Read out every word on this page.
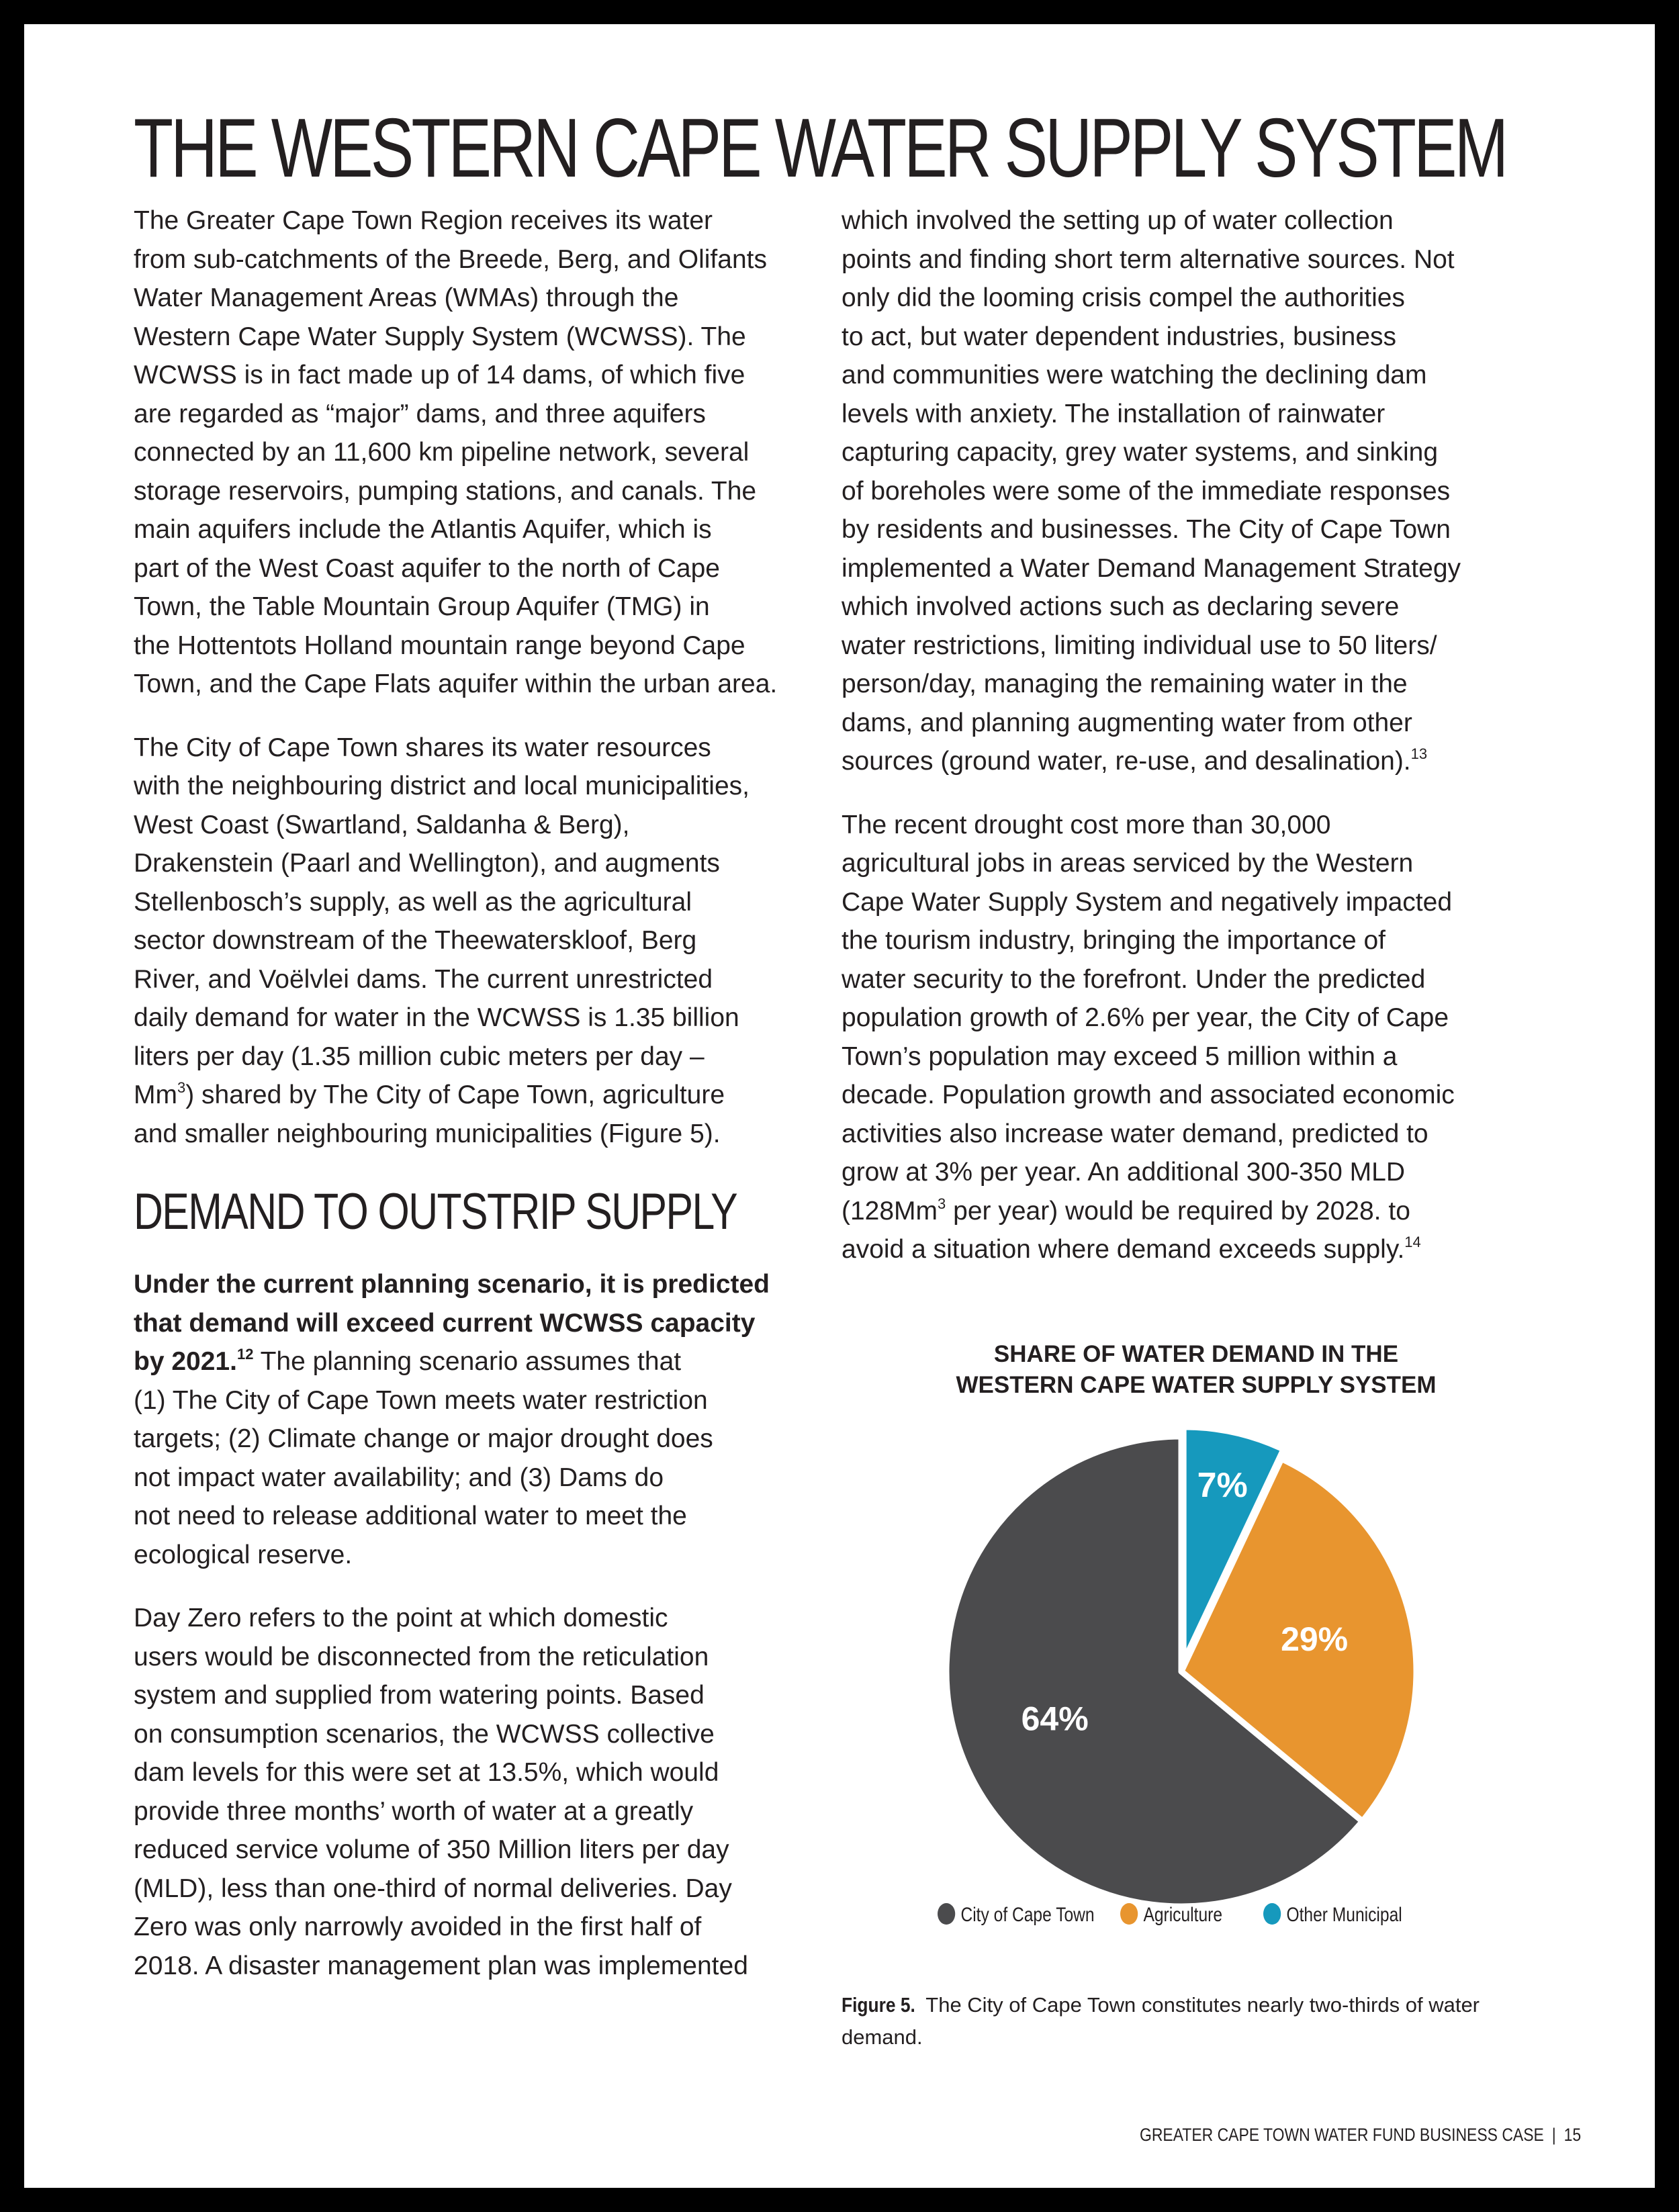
THE WESTERN CAPE WATER SUPPLY SYSTEM

The Greater Cape Town Region receives its water
from sub-catchments of the Breede, Berg, and Olifants
Water Management Areas (WMAs) through the
Western Cape Water Supply System (WCWSS). The
WCWSS is in fact made up of 14 dams, of which five
are regarded as “major” dams, and three aquifers
connected by an 11,600 km pipeline network, several
storage reservoirs, pumping stations, and canals. The
main aquifers include the Atlantis Aquifer, which is
part of the West Coast aquifer to the north of Cape
Town, the Table Mountain Group Aquifer (TMG) in
the Hottentots Holland mountain range beyond Cape
Town, and the Cape Flats aquifer within the urban area.

The City of Cape Town shares its water resources
with the neighbouring district and local municipalities,
West Coast (Swartland, Saldanha & Berg),
Drakenstein (Paarl and Wellington), and augments
Stellenbosch’s supply, as well as the agricultural
sector downstream of the Theewaterskloof, Berg
River, and Voëlvlei dams. The current unrestricted
daily demand for water in the WCWSS is 1.35 billion
liters per day (1.35 million cubic meters per day –
Mm$^3$) shared by The City of Cape Town, agriculture
and smaller neighbouring municipalities (Figure 5).

DEMAND TO OUTSTRIP SUPPLY

Under the current planning scenario, it is predicted
that demand will exceed current WCWSS capacity
by 2021.12 The planning scenario assumes that
(1) The City of Cape Town meets water restriction
targets; (2) Climate change or major drought does
not impact water availability; and (3) Dams do
not need to release additional water to meet the
ecological reserve.

Day Zero refers to the point at which domestic
users would be disconnected from the reticulation
system and supplied from watering points. Based
on consumption scenarios, the WCWSS collective
dam levels for this were set at 13.5%, which would
provide three months’ worth of water at a greatly
reduced service volume of 350 Million liters per day
(MLD), less than one-third of normal deliveries. Day
Zero was only narrowly avoided in the first half of
2018. A disaster management plan was implemented

which involved the setting up of water collection
points and finding short term alternative sources. Not
only did the looming crisis compel the authorities
to act, but water dependent industries, business
and communities were watching the declining dam
levels with anxiety. The installation of rainwater
capturing capacity, grey water systems, and sinking
of boreholes were some of the immediate responses
by residents and businesses. The City of Cape Town
implemented a Water Demand Management Strategy
which involved actions such as declaring severe
water restrictions, limiting individual use to 50 liters/
person/day, managing the remaining water in the
dams, and planning augmenting water from other
sources (ground water, re-use, and desalination).$^{13}$

The recent drought cost more than 30,000
agricultural jobs in areas serviced by the Western
Cape Water Supply System and negatively impacted
the tourism industry, bringing the importance of
water security to the forefront. Under the predicted
population growth of 2.6% per year, the City of Cape
Town’s population may exceed 5 million within a
decade. Population growth and associated economic
activities also increase water demand, predicted to
grow at 3% per year. An additional 300-350 MLD
(128Mm$^3$ per year) would be required by 2028. to
avoid a situation where demand exceeds supply.$^{14}$

SHARE OF WATER DEMAND IN THE
WESTERN CAPE WATER SUPPLY SYSTEM
64%
29%
7%
City of Cape Town	Agriculture	Other Municipal

Figure 5. The City of Cape Town constitutes nearly two-thirds of water demand.

GREATER CAPE TOWN WATER FUND BUSINESS CASE | 15
